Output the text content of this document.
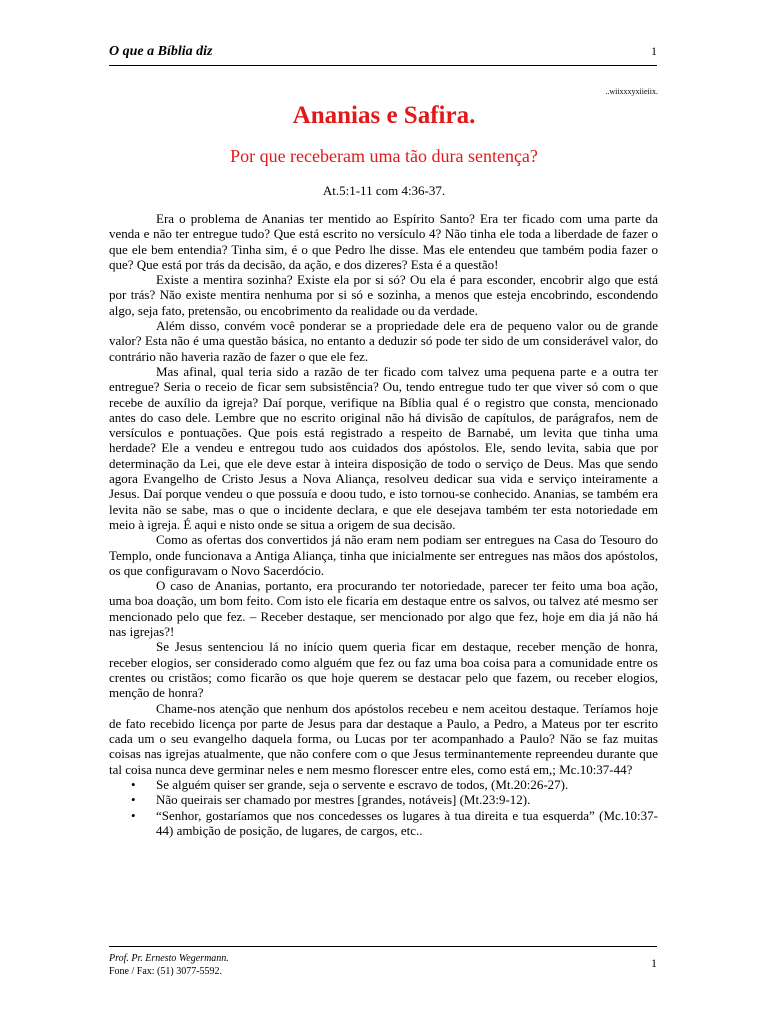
O que a Bíblia diz	1
..wiixxxyxiieiix.
Ananias e Safira.
Por que receberam uma tão dura sentença?
At.5:1-11 com 4:36-37.

Era o problema de Ananias ter mentido ao Espírito Santo? Era ter ficado com uma parte da venda e não ter entregue tudo? Que está escrito no versículo 4? Não tinha ele toda a liberdade de fazer o que ele bem entendia? Tinha sim, é o que Pedro lhe disse. Mas ele entendeu que também podia fazer o que? Que está por trás da decisão, da ação, e dos dizeres? Esta é a questão!

Existe a mentira sozinha? Existe ela por si só? Ou ela é para esconder, encobrir algo que está por trás? Não existe mentira nenhuma por si só e sozinha, a menos que esteja encobrindo, escondendo algo, seja fato, pretensão, ou encobrimento da realidade ou da verdade.

Além disso, convém você ponderar se a propriedade dele era de pequeno valor ou de grande valor? Esta não é uma questão básica, no entanto a deduzir só pode ter sido de um considerável valor, do contrário não haveria razão de fazer o que ele fez.

Mas afinal, qual teria sido a razão de ter ficado com talvez uma pequena parte e a outra ter entregue? Seria o receio de ficar sem subsistência? Ou, tendo entregue tudo ter que viver só com o que recebe de auxílio da igreja? Daí porque, verifique na Bíblia qual é o registro que consta, mencionado antes do caso dele. Lembre que no escrito original não há divisão de capítulos, de parágrafos, nem de versículos e pontuações. Que pois está registrado a respeito de Barnabé, um levita que tinha uma herdade? Ele a vendeu e entregou tudo aos cuidados dos apóstolos. Ele, sendo levita, sabia que por determinação da Lei, que ele deve estar à inteira disposição de todo o serviço de Deus. Mas que sendo agora Evangelho de Cristo Jesus a Nova Aliança, resolveu dedicar sua vida e serviço inteiramente a Jesus. Daí porque vendeu o que possuía e doou tudo, e isto tornou-se conhecido. Ananias, se também era levita não se sabe, mas o que o incidente declara, e que ele desejava também ter esta notoriedade em meio à igreja. É aqui e nisto onde se situa a origem de sua decisão.

Como as ofertas dos convertidos já não eram nem podiam ser entregues na Casa do Tesouro do Templo, onde funcionava a Antiga Aliança, tinha que inicialmente ser entregues nas mãos dos apóstolos, os que configuravam o Novo Sacerdócio.

O caso de Ananias, portanto, era procurando ter notoriedade, parecer ter feito uma boa ação, uma boa doação, um bom feito. Com isto ele ficaria em destaque entre os salvos, ou talvez até mesmo ser mencionado pelo que fez. – Receber destaque, ser mencionado por algo que fez, hoje em dia já não há nas igrejas?!

Se Jesus sentenciou lá no início quem queria ficar em destaque, receber menção de honra, receber elogios, ser considerado como alguém que fez ou faz uma boa coisa para a comunidade entre os crentes ou cristãos; como ficarão os que hoje querem se destacar pelo que fazem, ou receber elogios, menção de honra?

Chame-nos atenção que nenhum dos apóstolos recebeu e nem aceitou destaque. Teríamos hoje de fato recebido licença por parte de Jesus para dar destaque a Paulo, a Pedro, a Mateus por ter escrito cada um o seu evangelho daquela forma, ou Lucas por ter acompanhado a Paulo? Não se faz muitas coisas nas igrejas atualmente, que não confere com o que Jesus terminantemente repreendeu durante que tal coisa nunca deve germinar neles e nem mesmo florescer entre eles, como está em,; Mc.10:37-44?

• Se alguém quiser ser grande, seja o servente e escravo de todos, (Mt.20:26-27).
• Não queirais ser chamado por mestres [grandes, notáveis] (Mt.23:9-12).
• “Senhor, gostaríamos que nos concedesses os lugares à tua direita e tua esquerda” (Mc.10:37-44) ambição de posição, de lugares, de cargos, etc..
Prof. Pr. Ernesto Wegermann.
Fone / Fax: (51) 3077-5592.
1
